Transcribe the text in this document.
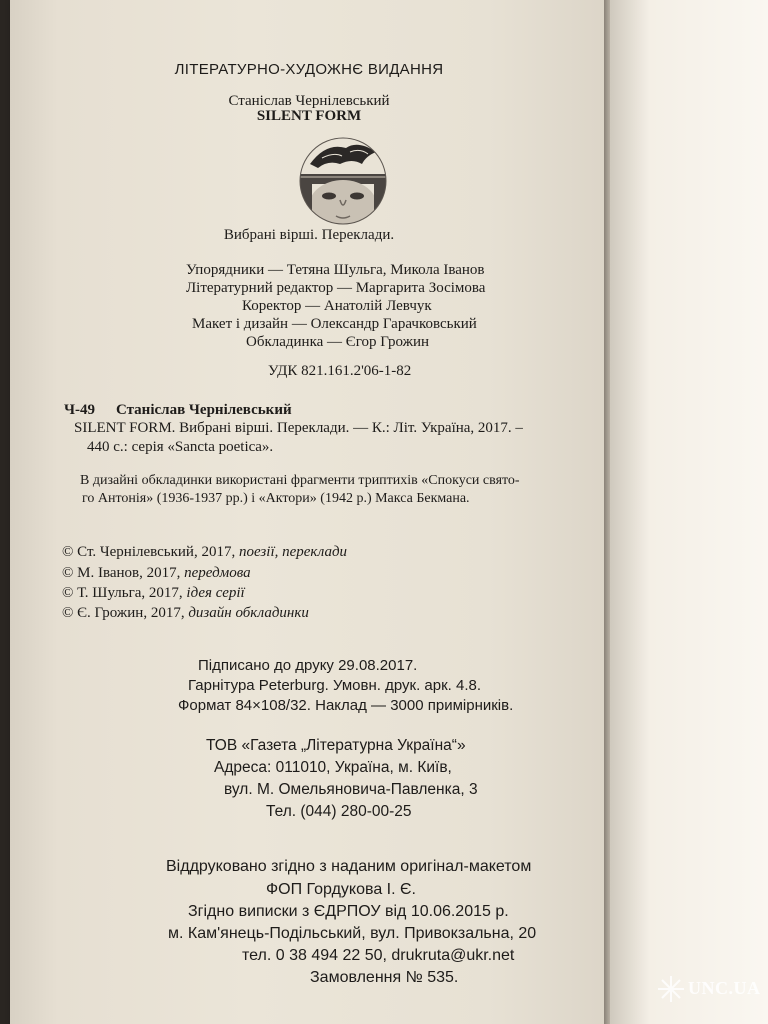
ЛІТЕРАТУРНО-ХУДОЖНЄ ВИДАННЯ
Станіслав Чернілевський
SILENT FORM
Вибрані вірші. Переклади.
Упорядники — Тетяна Шульга, Микола Іванов
Літературний редактор — Маргарита Зосімова
Коректор — Анатолій Левчук
Макет і дизайн — Олександр Гарачковський
Обкладинка — Єгор Грожин
УДК 821.161.2'06-1-82
Ч-49 Станіслав Чернілевський
SILENT FORM. Вибрані вірші. Переклади. — К.: Літ. Україна, 2017. –
440 с.: серія «Sancta poetica».
В дизайні обкладинки використані фрагменти триптихів «Спокуси свято-
го Антонія» (1936-1937 рр.) і «Актори» (1942 р.) Макса Бекмана.
© Ст. Чернілевський, 2017, поезії, переклади
© М. Іванов, 2017, передмова
© Т. Шульга, 2017, ідея серії
© Є. Грожин, 2017, дизайн обкладинки
Підписано до друку 29.08.2017.
Гарнітура Peterburg. Умовн. друк. арк. 4.8.
Формат 84×108/32. Наклад — 3000 примірників.
ТОВ «Газета „Літературна Україна“»
Адреса: 011010, Україна, м. Київ,
вул. М. Омельяновича-Павленка, 3
Тел. (044) 280-00-25
Віддруковано згідно з наданим оригінал-макетом
ФОП Гордукова І. Є.
Згідно виписки з ЄДРПОУ від 10.06.2015 р.
м. Кам'янець-Подільський, вул. Привокзальна, 20
тел. 0 38 494 22 50, drukruta@ukr.net
Замовлення № 535.
UNC.UA
